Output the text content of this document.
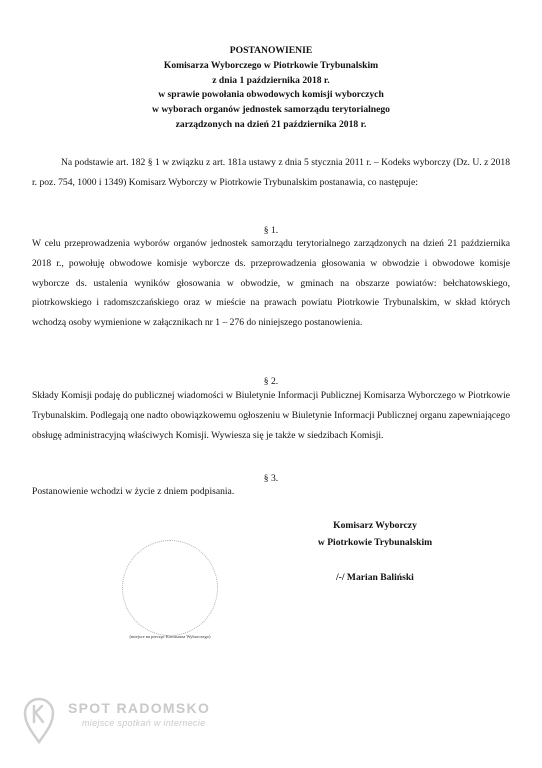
POSTANOWIENIE
Komisarza Wyborczego w Piotrkowie Trybunalskim
z dnia 1 października 2018 r.
w sprawie powołania obwodowych komisji wyborczych
w wyborach organów jednostek samorządu terytorialnego
zarządzonych na dzień 21 października 2018 r.
Na podstawie art. 182 § 1 w związku z art. 181a ustawy z dnia 5 stycznia 2011 r. – Kodeks wyborczy (Dz. U. z 2018 r. poz. 754, 1000 i 1349) Komisarz Wyborczy w Piotrkowie Trybunalskim postanawia, co następuje:
§ 1.
W celu przeprowadzenia wyborów organów jednostek samorządu terytorialnego zarządzonych na dzień 21 października 2018 r., powołuję obwodowe komisje wyborcze ds. przeprowadzenia głosowania w obwodzie i obwodowe komisje wyborcze ds. ustalenia wyników głosowania w obwodzie, w gminach na obszarze powiatów: bełchatowskiego, piotrkowskiego i radomszczańskiego oraz w mieście na prawach powiatu Piotrkowie Trybunalskim, w skład których wchodzą osoby wymienione w załącznikach nr 1 – 276 do niniejszego postanowienia.
§ 2.
Składy Komisji podaję do publicznej wiadomości w Biuletynie Informacji Publicznej Komisarza Wyborczego w Piotrkowie Trybunalskim. Podlegają one nadto obowiązkowemu ogłoszeniu w Biuletynie Informacji Publicznej organu zapewniającego obsługę administracyjną właściwych Komisji. Wywiesza się je także w siedzibach Komisji.
§ 3.
Postanowienie wchodzi w życie z dniem podpisania.
Komisarz Wyborczy
w Piotrkowie Trybunalskim
/-/ Marian Baliński
(miejsce na pieczęć Komisarza Wyborczego)
SPOT RADOMSKO
miejsce spotkań w internecie
